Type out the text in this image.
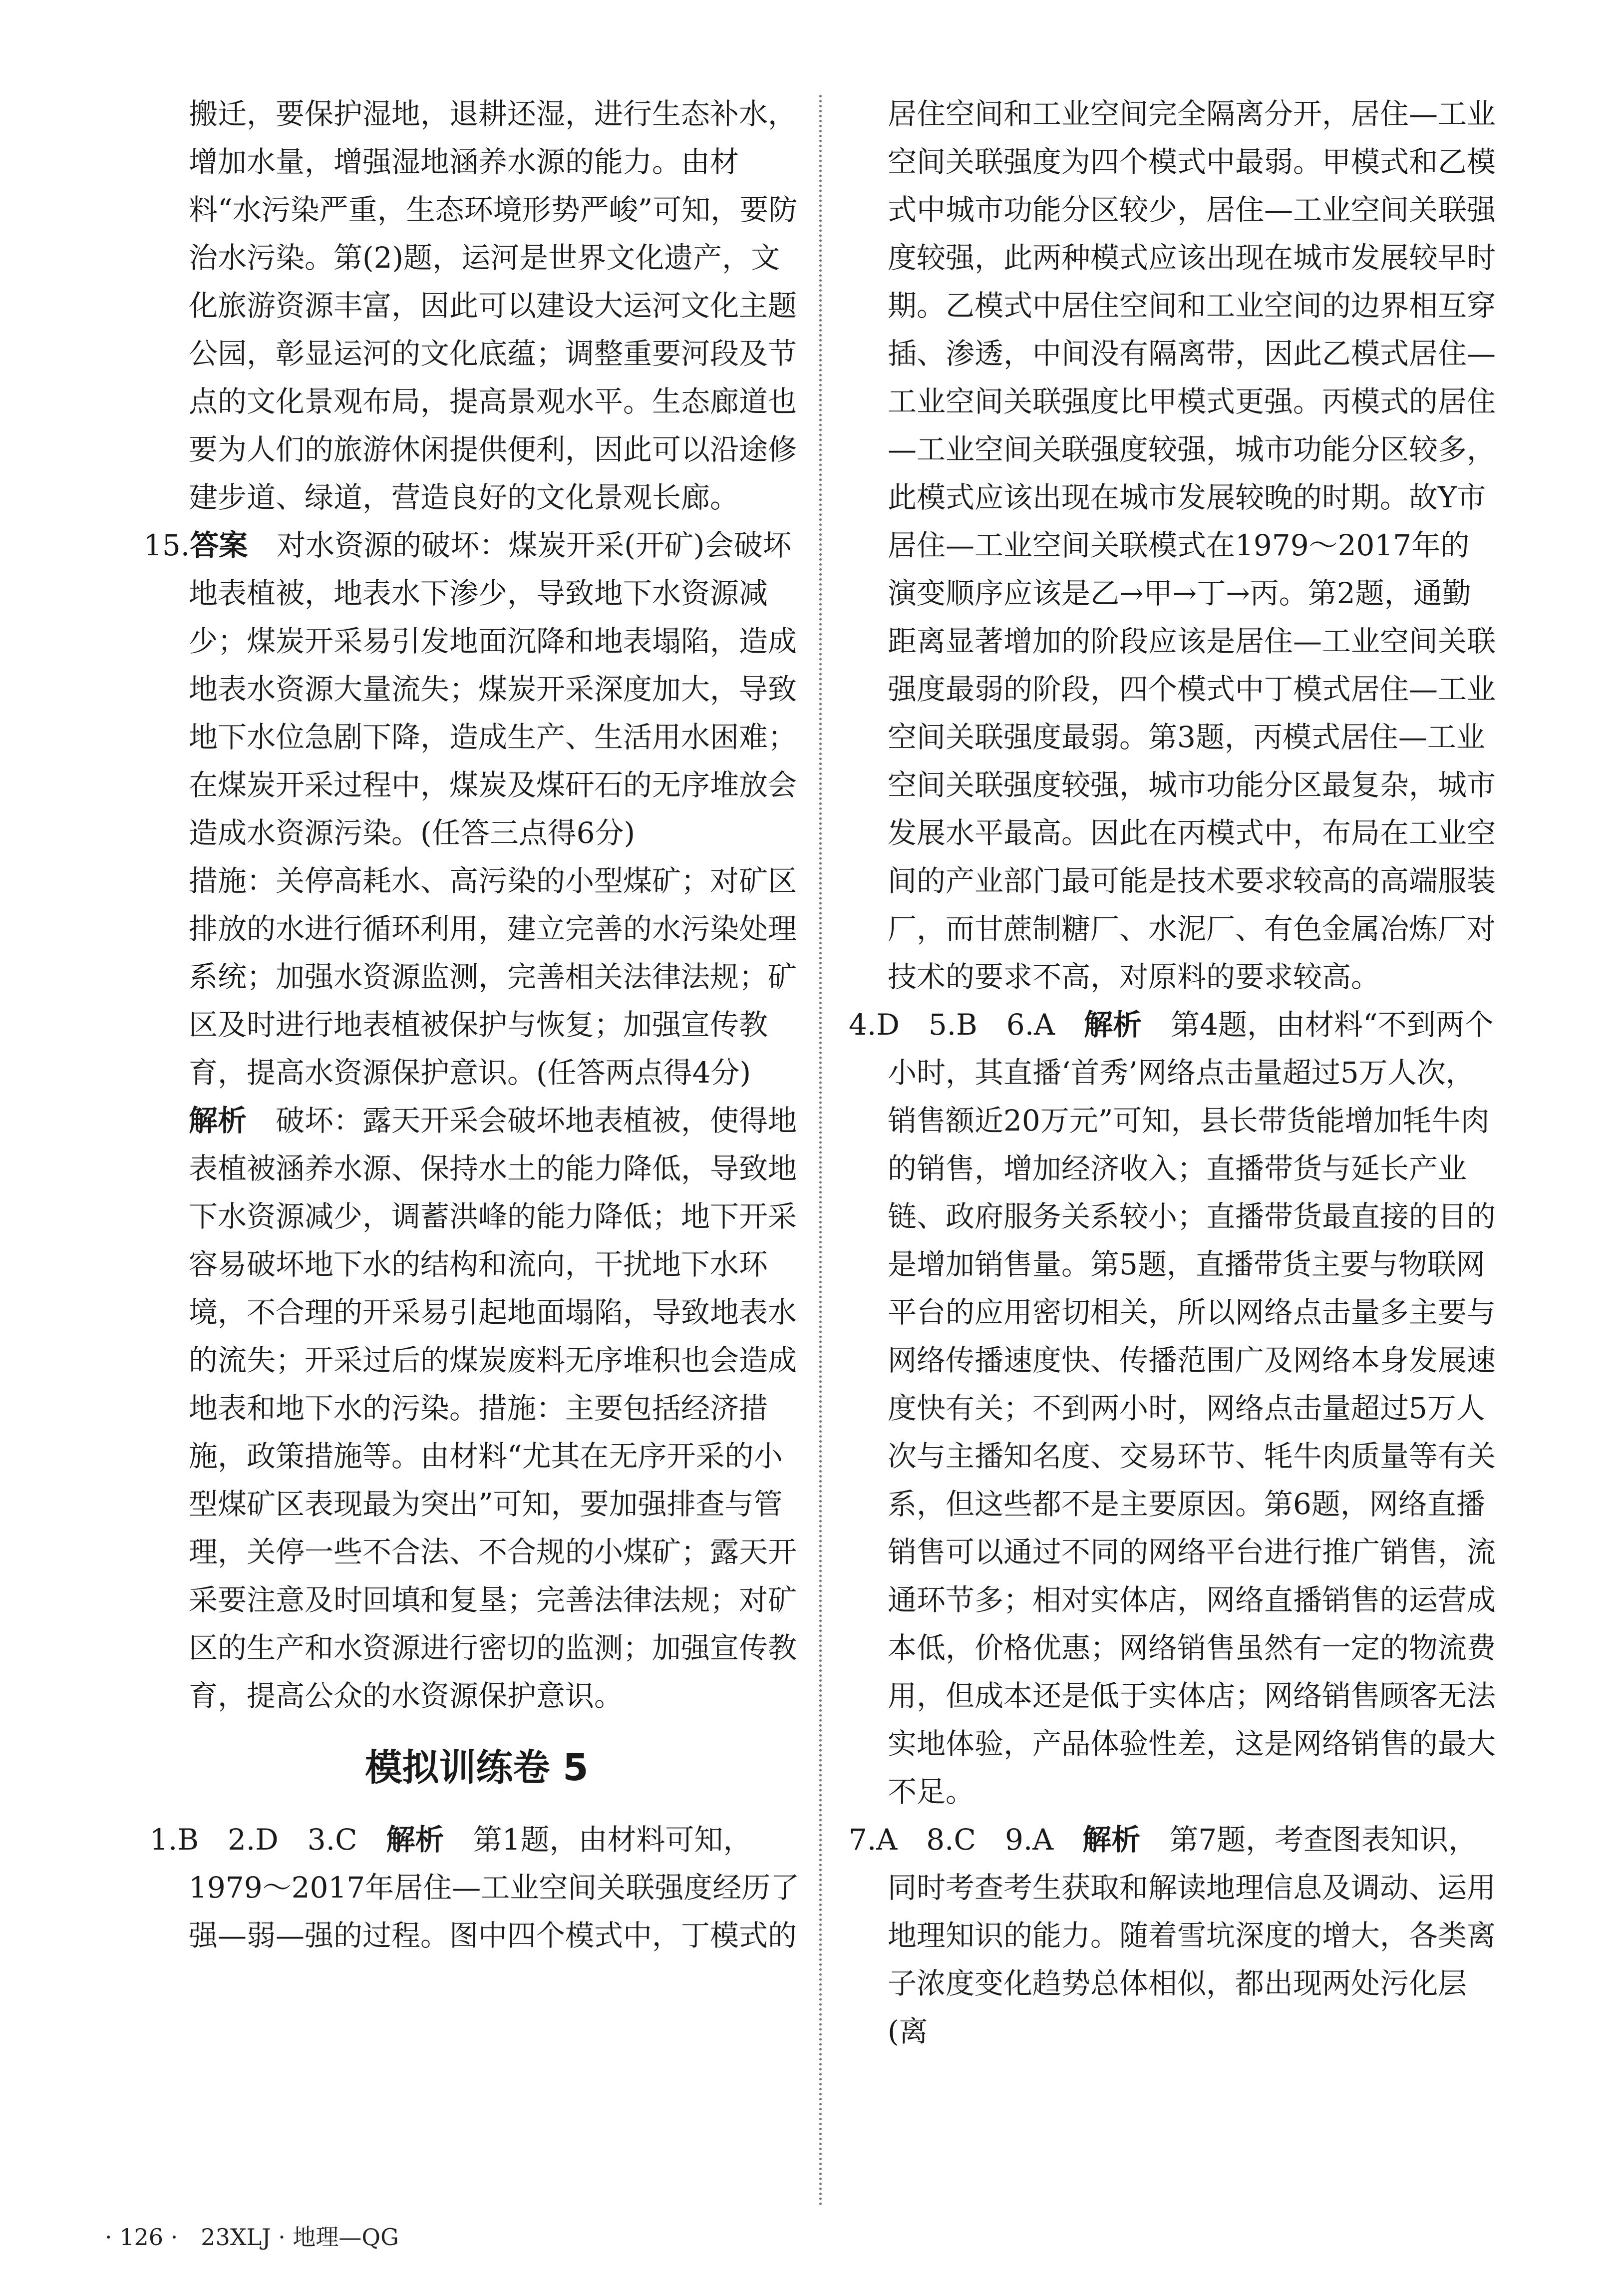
搬迁，要保护湿地，退耕还湿，进行生态补水，增加水量，增强湿地涵养水源的能力。由材料“水污染严重，生态环境形势严峻”可知，要防治水污染。第(2)题，运河是世界文化遗产，文化旅游资源丰富，因此可以建设大运河文化主题公园，彰显运河的文化底蕴；调整重要河段及节点的文化景观布局，提高景观水平。生态廊道也要为人们的旅游休闲提供便利，因此可以沿途修建步道、绿道，营造良好的文化景观长廊。

15.答案　 对水资源的破坏：煤炭开采(开矿)会破坏地表植被，地表水下渗少，导致地下水资源减少；煤炭开采易引发地面沉降和地表塌陷，造成地表水资源大量流失；煤炭开采深度加大，导致地下水位急剧下降，造成生产、生活用水困难；在煤炭开采过程中，煤炭及煤矸石的无序堆放会造成水资源污染。(任答三点得6分)

措施：关停高耗水、高污染的小型煤矿；对矿区排放的水进行循环利用，建立完善的水污染处理系统；加强水资源监测，完善相关法律法规；矿区及时进行地表植被保护与恢复；加强宣传教育，提高水资源保护意识。(任答两点得4分)

解析　 破坏：露天开采会破坏地表植被，使得地表植被涵养水源、保持水土的能力降低，导致地下水资源减少，调蓄洪峰的能力降低；地下开采容易破坏地下水的结构和流向，干扰地下水环境，不合理的开采易引起地面塌陷，导致地表水的流失；开采过后的煤炭废料无序堆积也会造成地表和地下水的污染。措施：主要包括经济措施，政策措施等。由材料“尤其在无序开采的小型煤矿区表现最为突出”可知，要加强排查与管理，关停一些不合法、不合规的小煤矿；露天开采要注意及时回填和复垦；完善法律法规；对矿区的生产和水资源进行密切的监测；加强宣传教育，提高公众的水资源保护意识。

模拟训练卷 5

1.B　2.D　3.C　 解析　 第1题，由材料可知，1979～2017年居住—工业空间关联强度经历了强—弱—强的过程。图中四个模式中，丁模式的

居住空间和工业空间完全隔离分开，居住—工业空间关联强度为四个模式中最弱。甲模式和乙模式中城市功能分区较少，居住—工业空间关联强度较强，此两种模式应该出现在城市发展较早时期。乙模式中居住空间和工业空间的边界相互穿插、渗透，中间没有隔离带，因此乙模式居住—工业空间关联强度比甲模式更强。丙模式的居住—工业空间关联强度较强，城市功能分区较多，此模式应该出现在城市发展较晚的时期。故Y市居住—工业空间关联模式在1979～2017年的演变顺序应该是乙→甲→丁→丙。第2题，通勤距离显著增加的阶段应该是居住—工业空间关联强度最弱的阶段，四个模式中丁模式居住—工业空间关联强度最弱。第3题，丙模式居住—工业空间关联强度较强，城市功能分区最复杂，城市发展水平最高。因此在丙模式中，布局在工业空间的产业部门最可能是技术要求较高的高端服装厂，而甘蔗制糖厂、水泥厂、有色金属冶炼厂对技术的要求不高，对原料的要求较高。

4.D　5.B　6.A　 解析　 第4题，由材料“不到两个小时，其直播‘首秀’网络点击量超过5万人次，销售额近20万元”可知，县长带货能增加牦牛肉的销售，增加经济收入；直播带货与延长产业链、政府服务关系较小；直播带货最直接的目的是增加销售量。第5题，直播带货主要与物联网平台的应用密切相关，所以网络点击量多主要与网络传播速度快、传播范围广及网络本身发展速度快有关；不到两小时，网络点击量超过5万人次与主播知名度、交易环节、牦牛肉质量等有关系，但这些都不是主要原因。第6题，网络直播销售可以通过不同的网络平台进行推广销售，流通环节多；相对实体店，网络直播销售的运营成本低，价格优惠；网络销售虽然有一定的物流费用，但成本还是低于实体店；网络销售顾客无法实地体验，产品体验性差，这是网络销售的最大不足。

7.A　8.C　9.A　 解析　 第7题，考查图表知识，同时考查考生获取和解读地理信息及调动、运用地理知识的能力。随着雪坑深度的增大，各类离子浓度变化趋势总体相似，都出现两处污化层(离

· 126 ·　 23XLJ · 地理—QG
